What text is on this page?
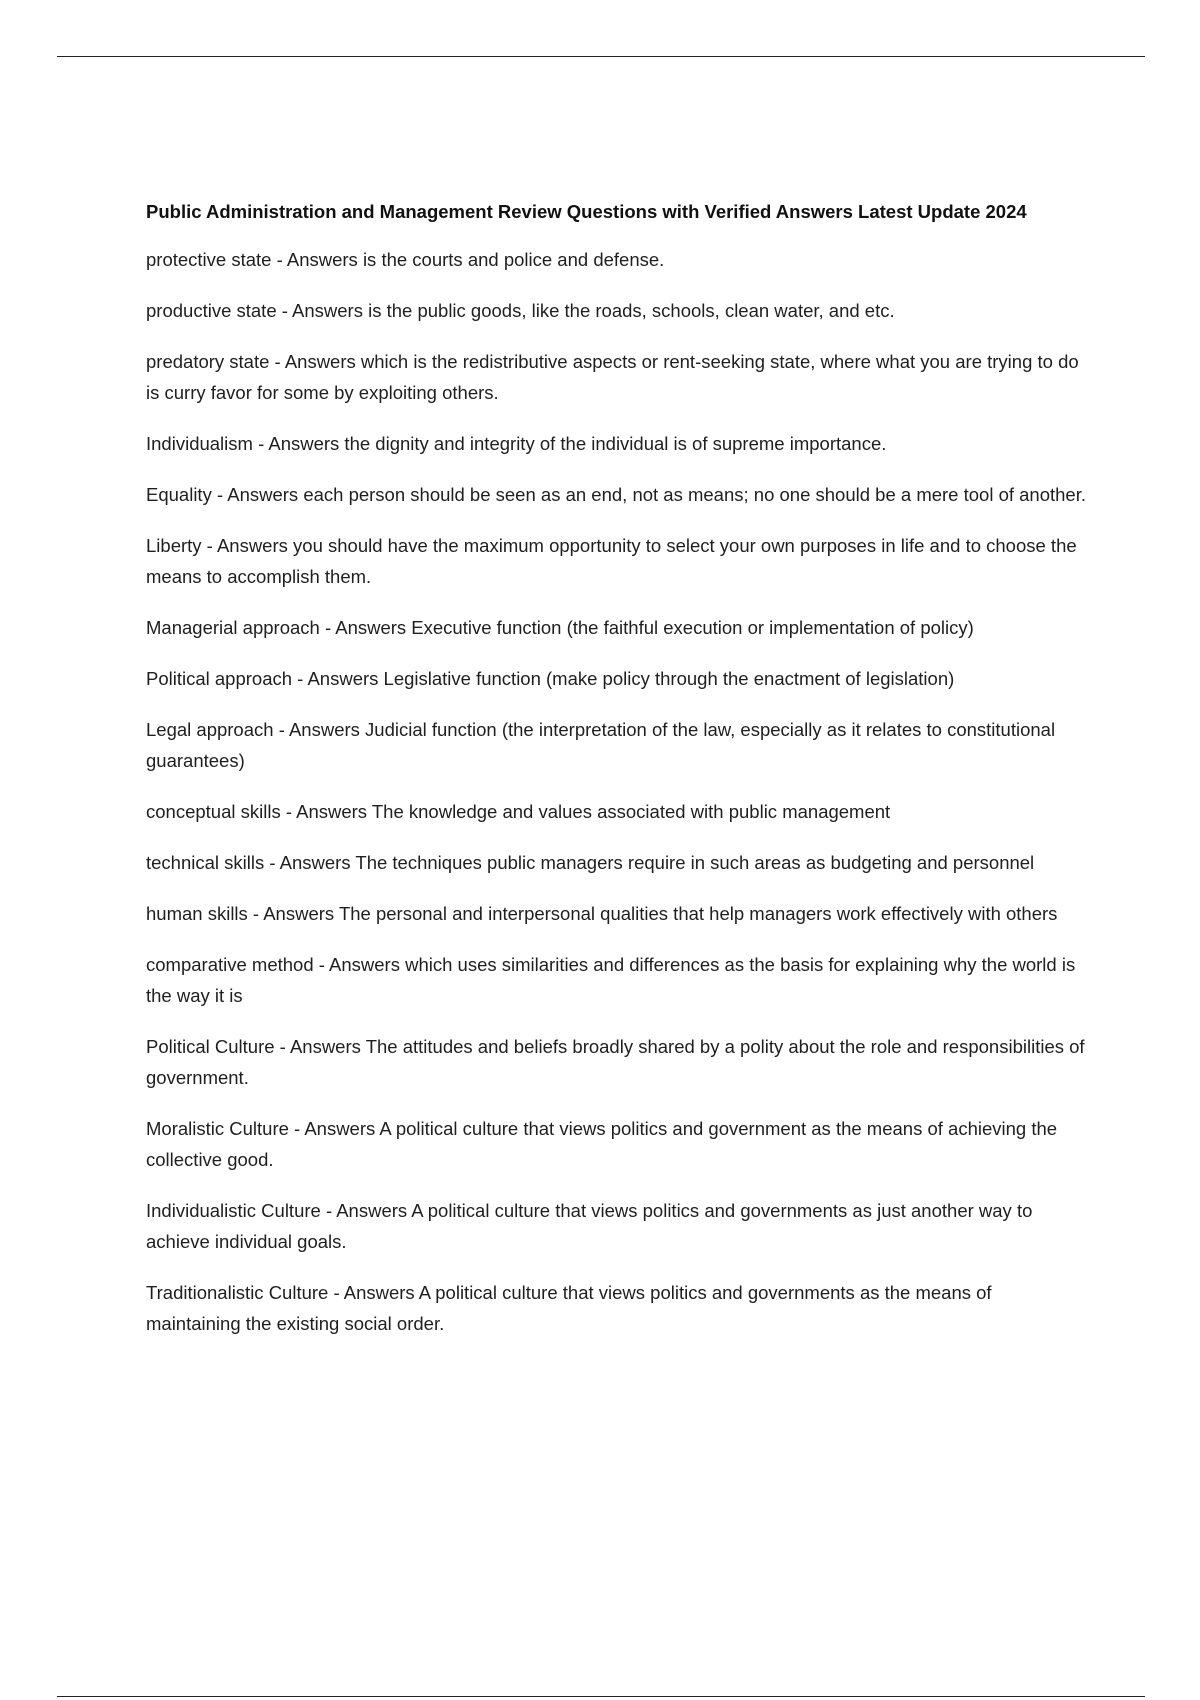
Public Administration and Management Review Questions with Verified Answers Latest Update 2024

protective state - Answers is the courts and police and defense.

productive state - Answers is the public goods, like the roads, schools, clean water, and etc.

predatory state - Answers which is the redistributive aspects or rent-seeking state, where what you are trying to do is curry favor for some by exploiting others.

Individualism - Answers the dignity and integrity of the individual is of supreme importance.

Equality - Answers each person should be seen as an end, not as means; no one should be a mere tool of another.

Liberty - Answers you should have the maximum opportunity to select your own purposes in life and to choose the means to accomplish them.

Managerial approach - Answers Executive function (the faithful execution or implementation of policy)

Political approach - Answers Legislative function (make policy through the enactment of legislation)

Legal approach - Answers Judicial function (the interpretation of the law, especially as it relates to constitutional guarantees)

conceptual skills - Answers The knowledge and values associated with public management

technical skills - Answers The techniques public managers require in such areas as budgeting and personnel

human skills - Answers The personal and interpersonal qualities that help managers work effectively with others

comparative method - Answers which uses similarities and differences as the basis for explaining why the world is the way it is

Political Culture - Answers The attitudes and beliefs broadly shared by a polity about the role and responsibilities of government.

Moralistic Culture - Answers A political culture that views politics and government as the means of achieving the collective good.

Individualistic Culture - Answers A political culture that views politics and governments as just another way to achieve individual goals.

Traditionalistic Culture - Answers A political culture that views politics and governments as the means of maintaining the existing social order.
